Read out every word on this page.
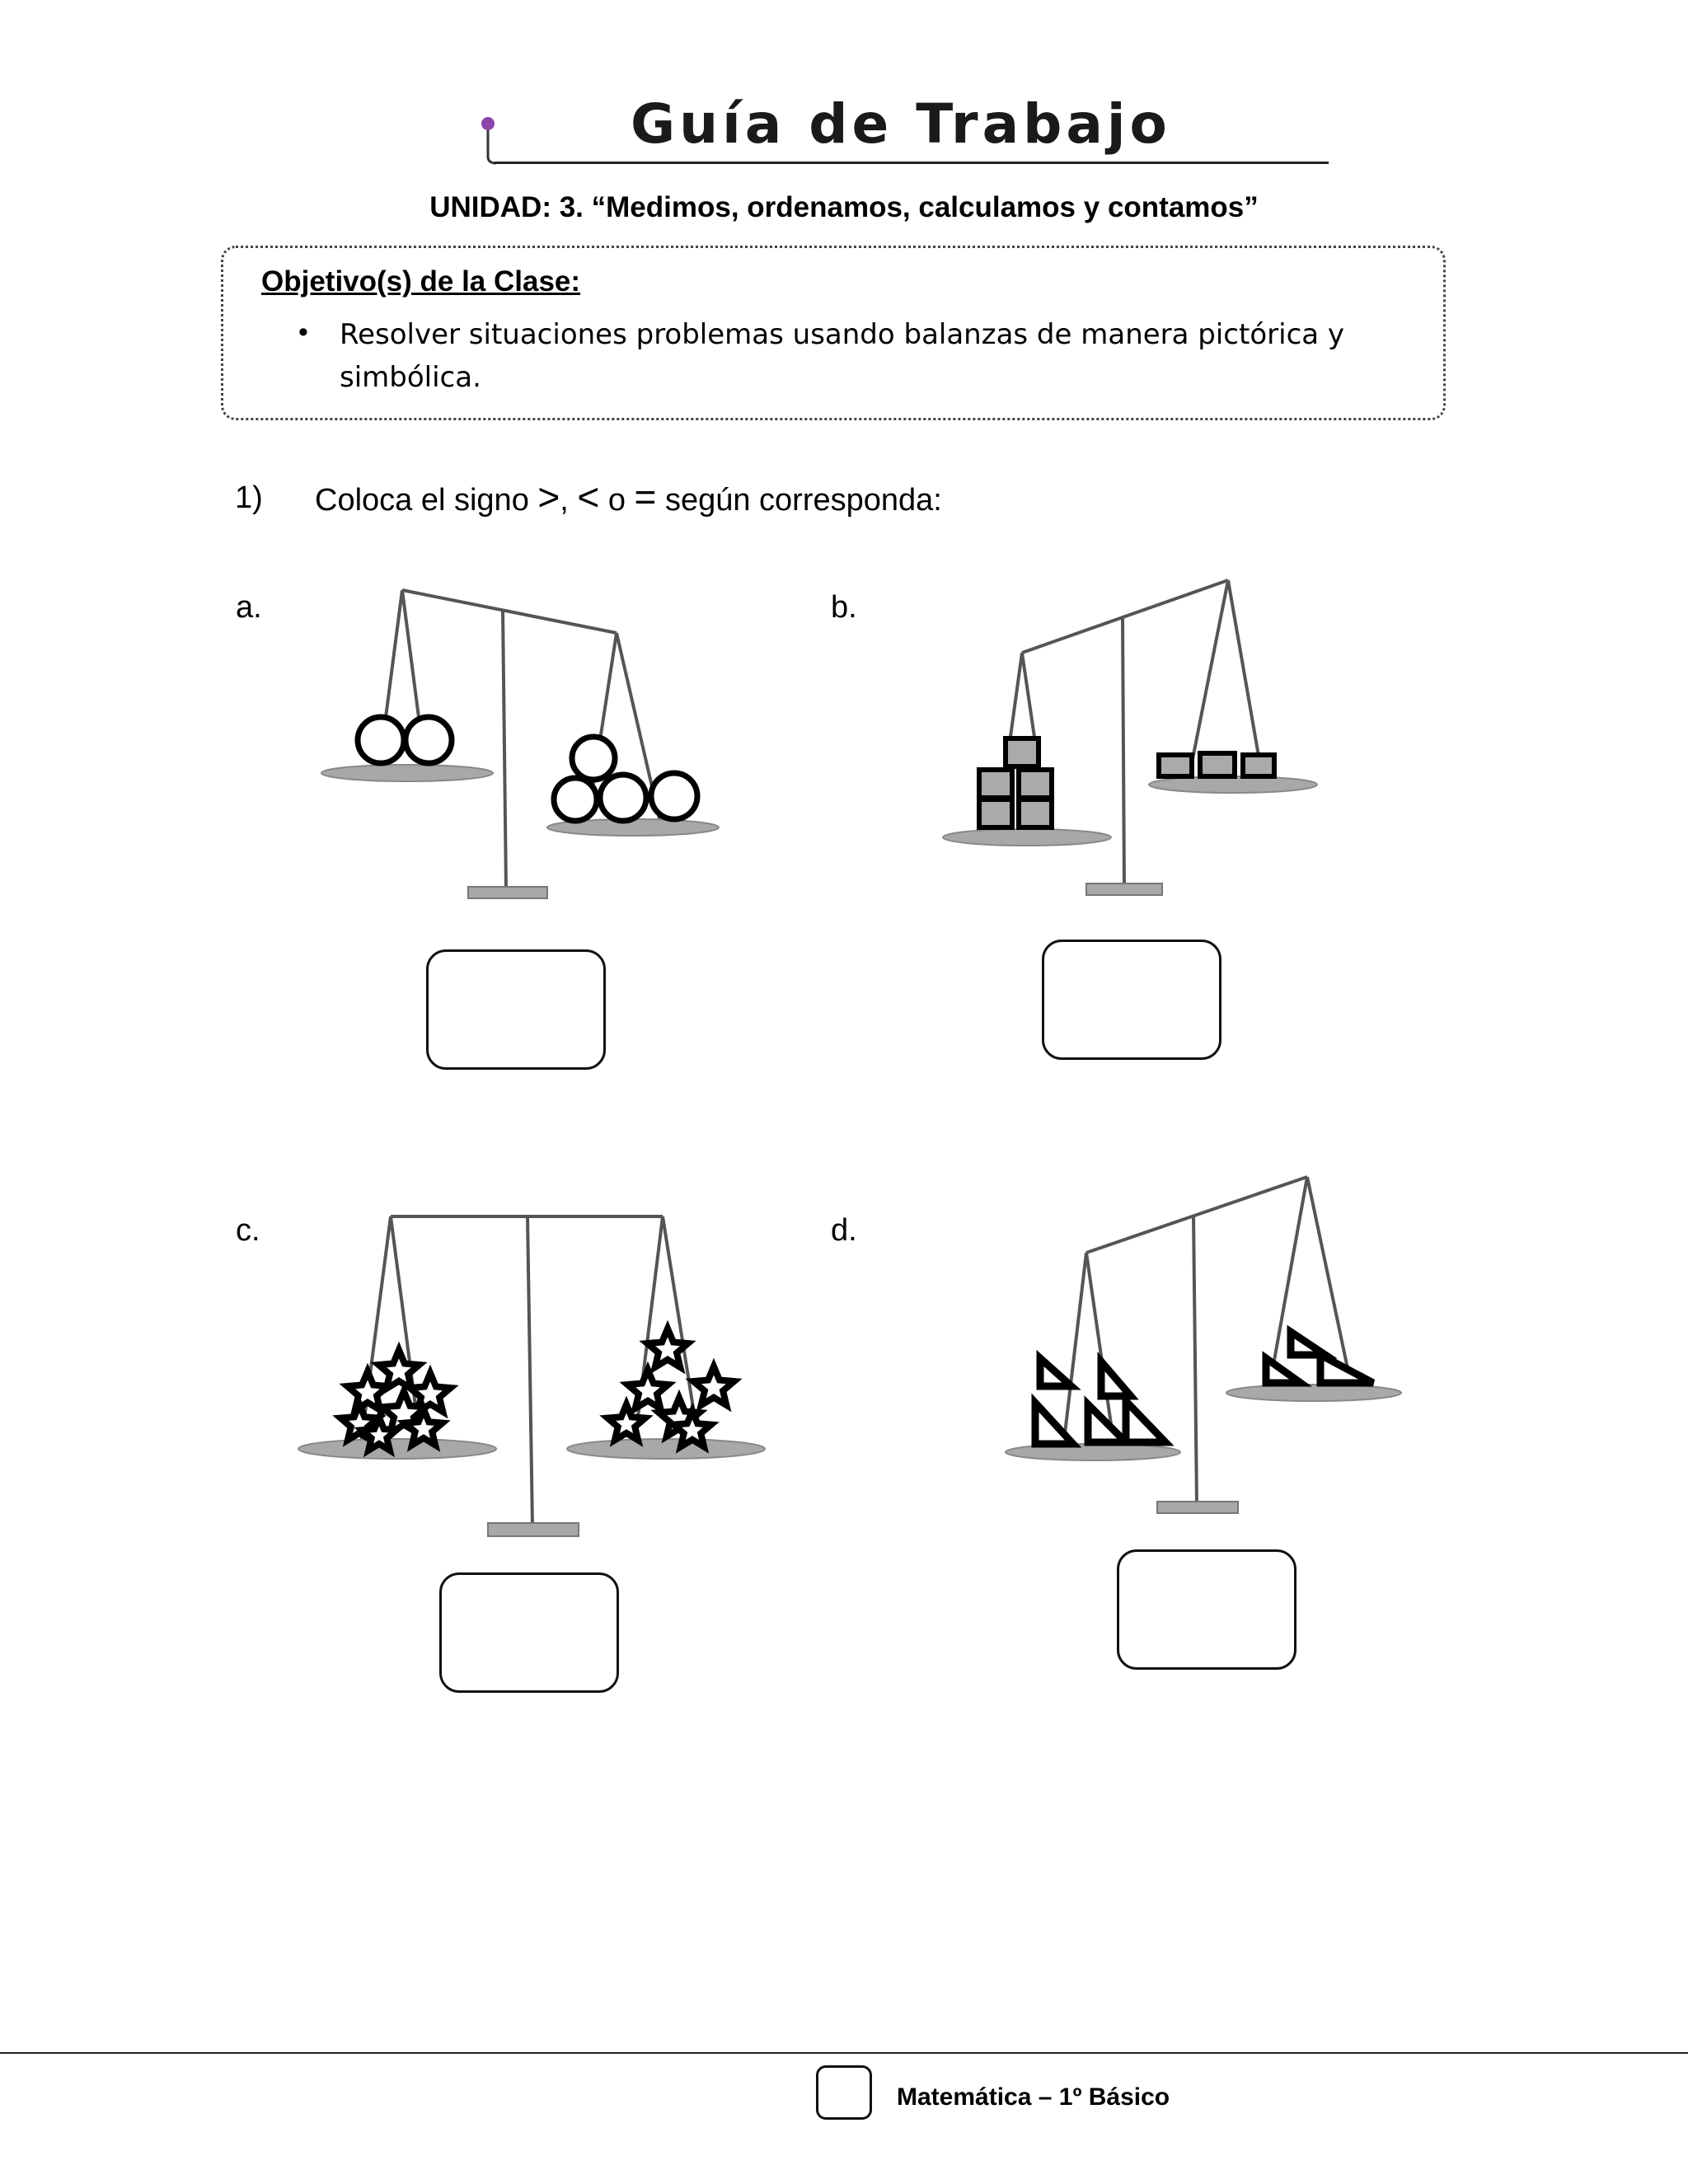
Guía de Trabajo
UNIDAD: 3. “Medimos, ordenamos, calculamos y contamos”
Objetivo(s) de la Clase:
• Resolver situaciones problemas usando balanzas de manera pictórica y simbólica.
1) Coloca el signo >, < o = según corresponda:
a.	b.
c.	d.
Matemática – 1º Básico
